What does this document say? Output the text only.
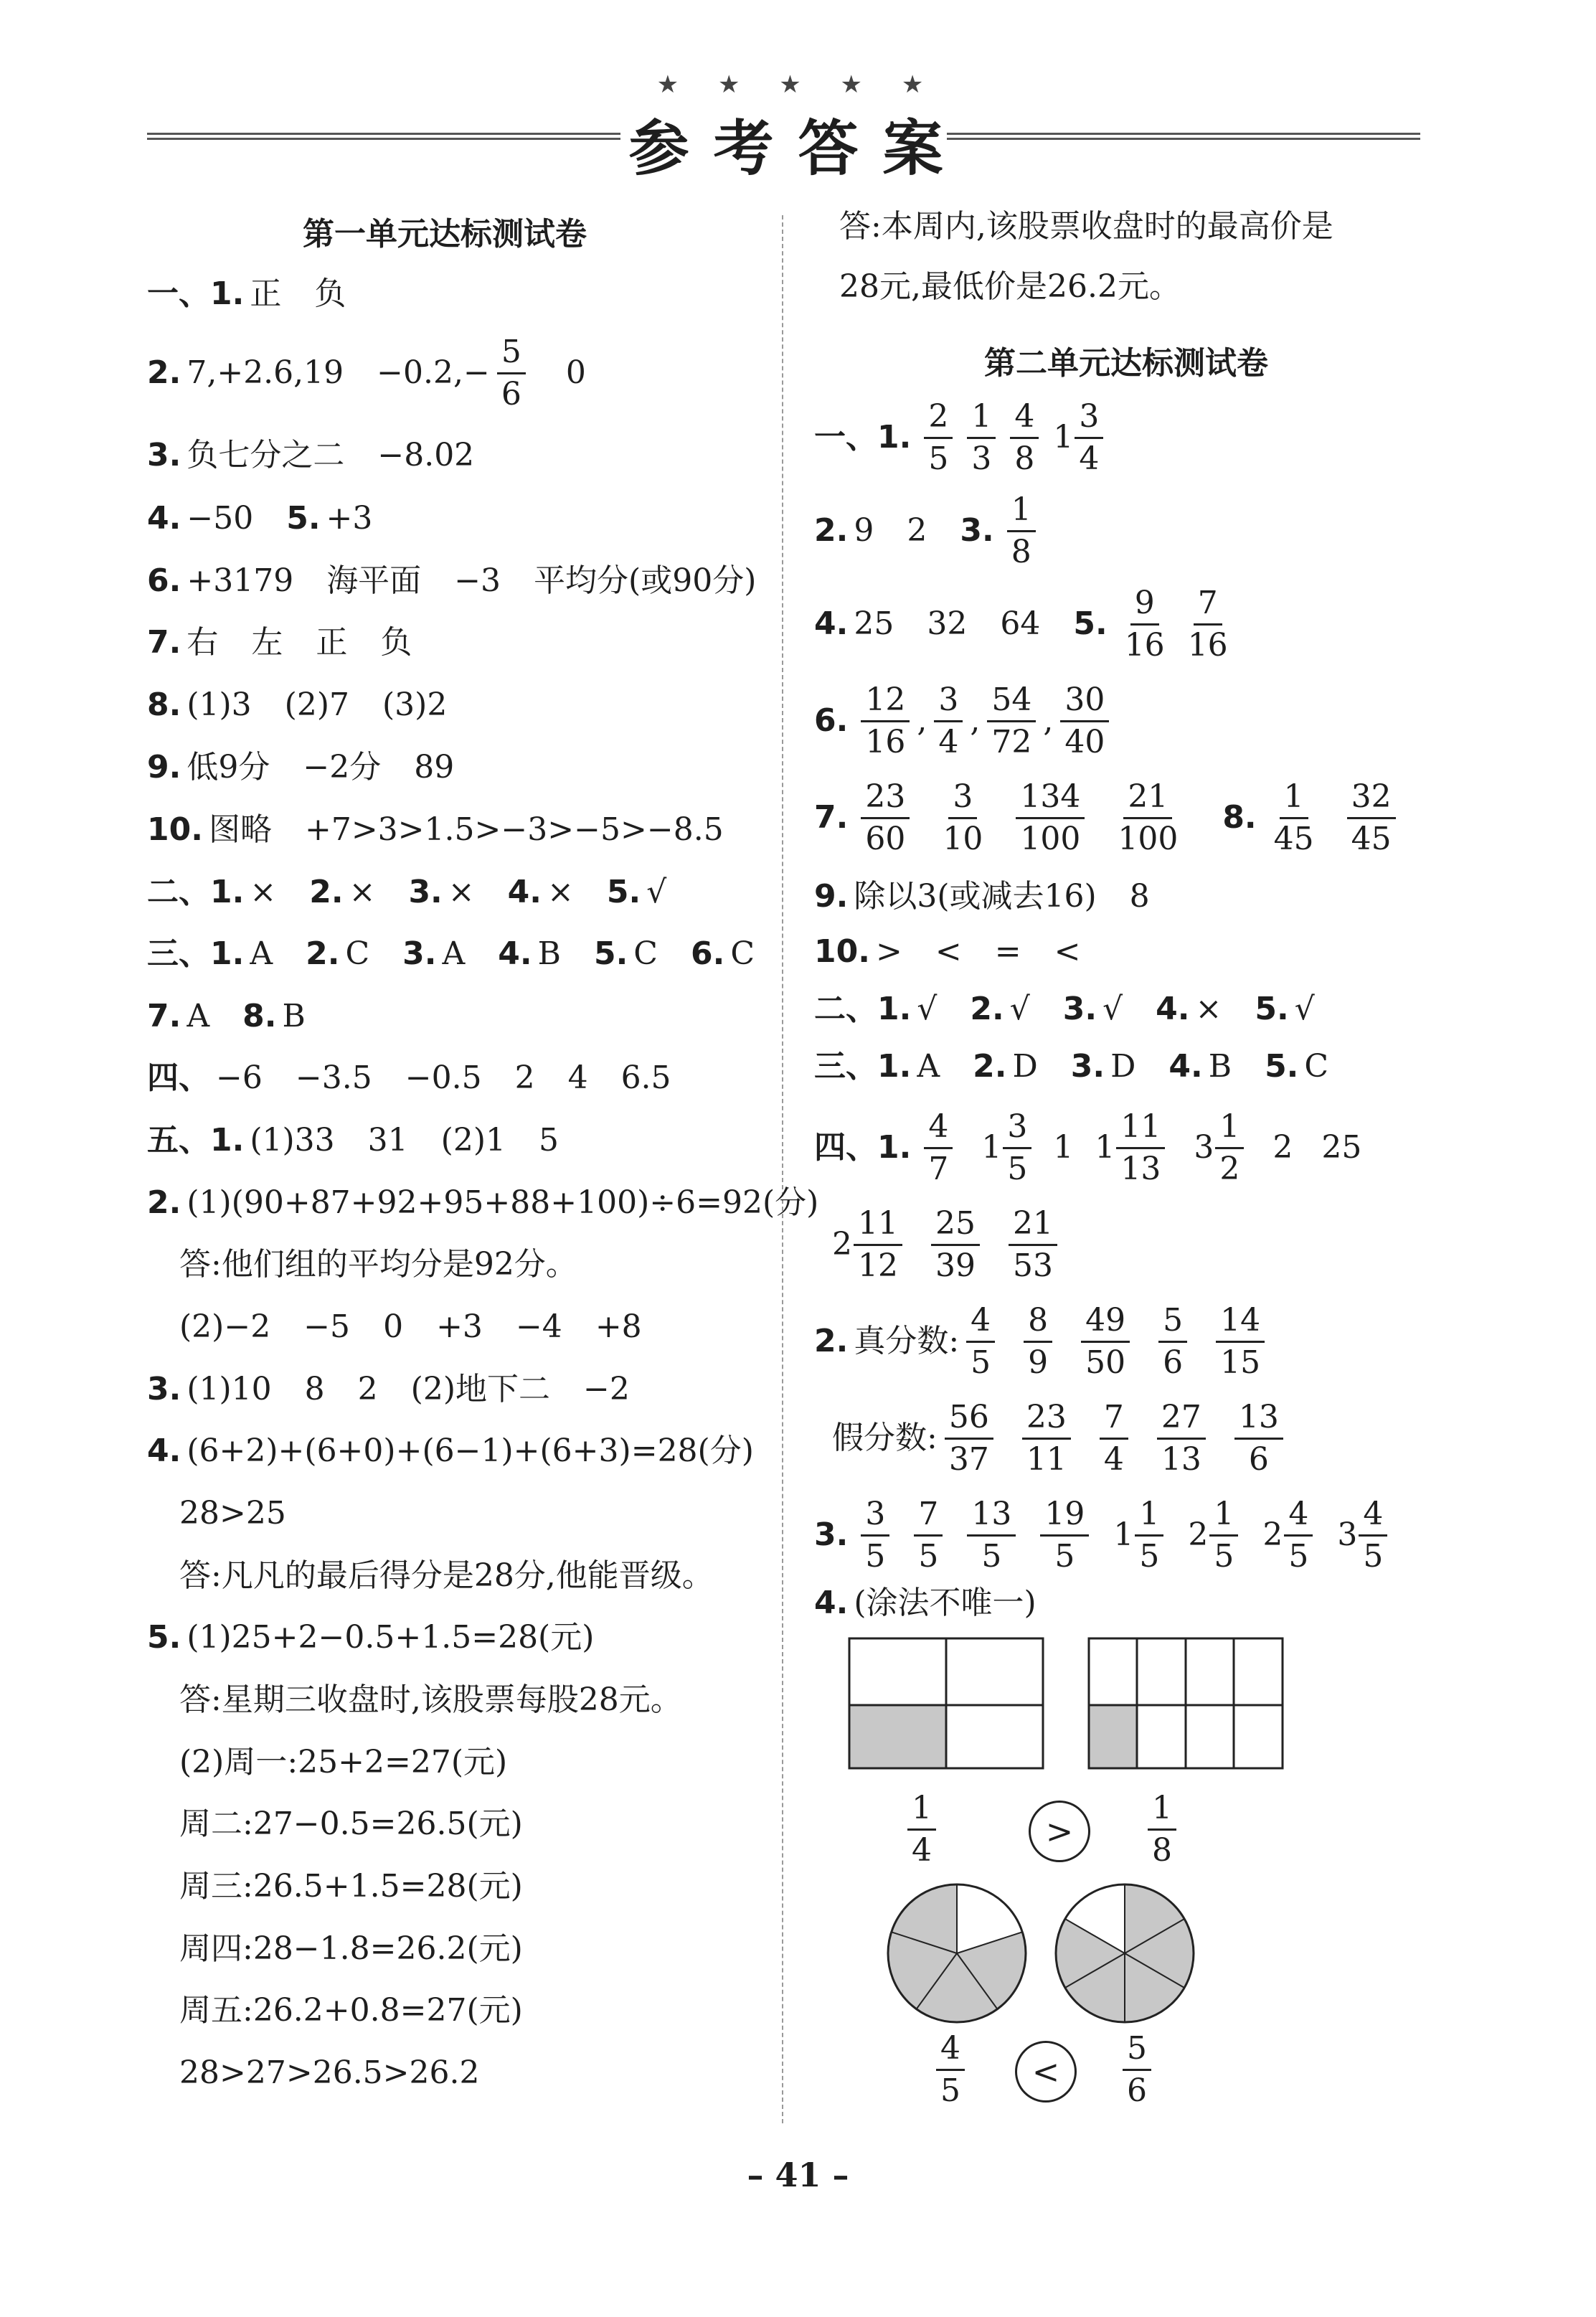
★ ★ ★ ★ ★
参考答案
第一单元达标测试卷
一、1. 正 负
2. $7,+2.6,19 -0.2,- \frac{5}{6} 0$
3. 负七分之二 −8.02
4. −50 5. +3
6. +3179 海平面 −3 平均分(或90分)
7. 右 左 正 负
8. (1)3 (2)7 (3)2
9. 低9分 −2分 89
10. 图略 +7>3>1.5>−3>−5>−8.5
二、1. × 2. × 3. × 4. × 5. √
三、1. A 2. C 3. A 4. B 5. C 6. C
7. A 8. B
四、 −6 −3.5 −0.5 2 4 6.5
五、1. (1)33 31 (2)1 5
2. (1)(90+87+92+95+88+100)÷6=92(分)
答:他们组的平均分是92分。
(2)−2 −5 0 +3 −4 +8
3. (1)10 8 2 (2)地下二 −2
4. (6+2)+(6+0)+(6−1)+(6+3)=28(分)
28>25
答:凡凡的最后得分是28分,他能晋级。
5. (1)25+2−0.5+1.5=28(元)
答:星期三收盘时,该股票每股28元。
(2)周一:25+2=27(元)
周二:27−0.5=26.5(元)
周三:26.5+1.5=28(元)
周四:28−1.8=26.2(元)
周五:26.2+0.8=27(元)
28>27>26.5>26.2
答:本周内,该股票收盘时的最高价是
28元,最低价是26.2元。
第二单元达标测试卷
一、1.
2
5
1
3
4
8
1
3
4
2. 9 2 3.
1
8
4. 25 32 64 5.
9
16
7
16
6.
12
16
,
3
4
,
54
72
,
30
40
7.
23
60
3
10
134
100
21
100
8.
1
45
32
45
9. 除以3(或减去16) 8
10. > < = <
二、1. √ 2. √ 3. √ 4. × 5. √
三、1. A 2. D 3. D 4. B 5. C
四、1.
4
7
1
3
5
1 1
11
13
3
1
2
2 25
2
11
12
25
39
21
53
2. 真分数:
4
5
8
9
49
50
5
6
14
15
假分数:
56
37
23
11
7
4
27
13
13
6
3.
3
5
7
5
13
5
19
5
1
1
5
2
1
5
2
4
5
3
4
5
4. (涂法不唯一)
1
4	>
1
8
4
5	<
5
6
– 41 –
